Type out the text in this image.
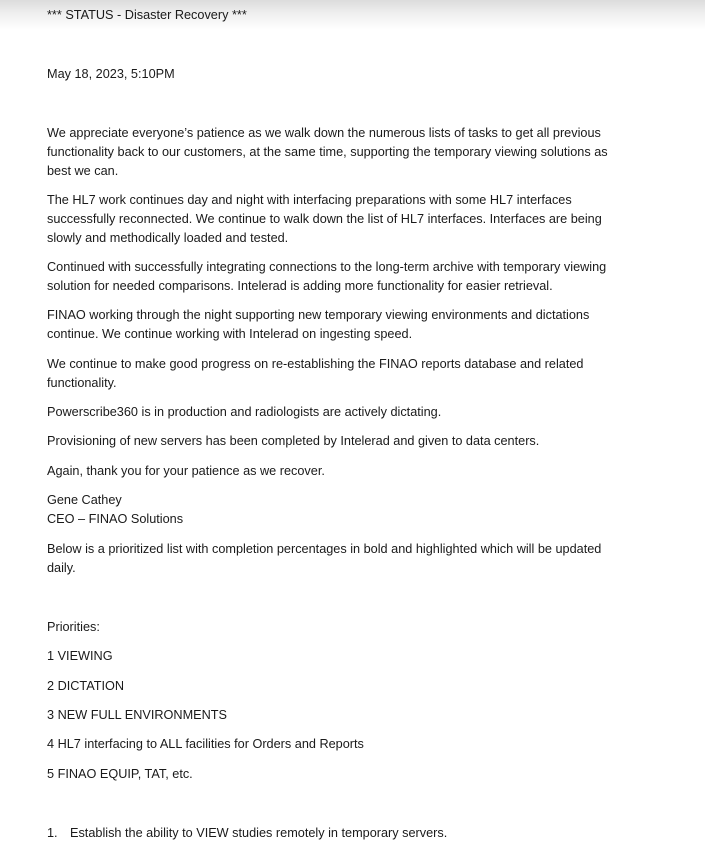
*** STATUS - Disaster Recovery ***
May 18, 2023, 5:10PM
We appreciate everyone’s patience as we walk down the numerous lists of tasks to get all previous
functionality back to our customers, at the same time, supporting the temporary viewing solutions as
best we can.
The HL7 work continues day and night with interfacing preparations with some HL7 interfaces
successfully reconnected. We continue to walk down the list of HL7 interfaces. Interfaces are being
slowly and methodically loaded and tested.
Continued with successfully integrating connections to the long-term archive with temporary viewing
solution for needed comparisons. Intelerad is adding more functionality for easier retrieval.
FINAO working through the night supporting new temporary viewing environments and dictations
continue. We continue working with Intelerad on ingesting speed.
We continue to make good progress on re-establishing the FINAO reports database and related
functionality.
Powerscribe360 is in production and radiologists are actively dictating.
Provisioning of new servers has been completed by Intelerad and given to data centers.
Again, thank you for your patience as we recover.
Gene Cathey
CEO – FINAO Solutions
Below is a prioritized list with completion percentages in bold and highlighted which will be updated
daily.
Priorities:
1 VIEWING
2 DICTATION
3 NEW FULL ENVIRONMENTS
4 HL7 interfacing to ALL facilities for Orders and Reports
5 FINAO EQUIP, TAT, etc.
1. Establish the ability to VIEW studies remotely in temporary servers.
